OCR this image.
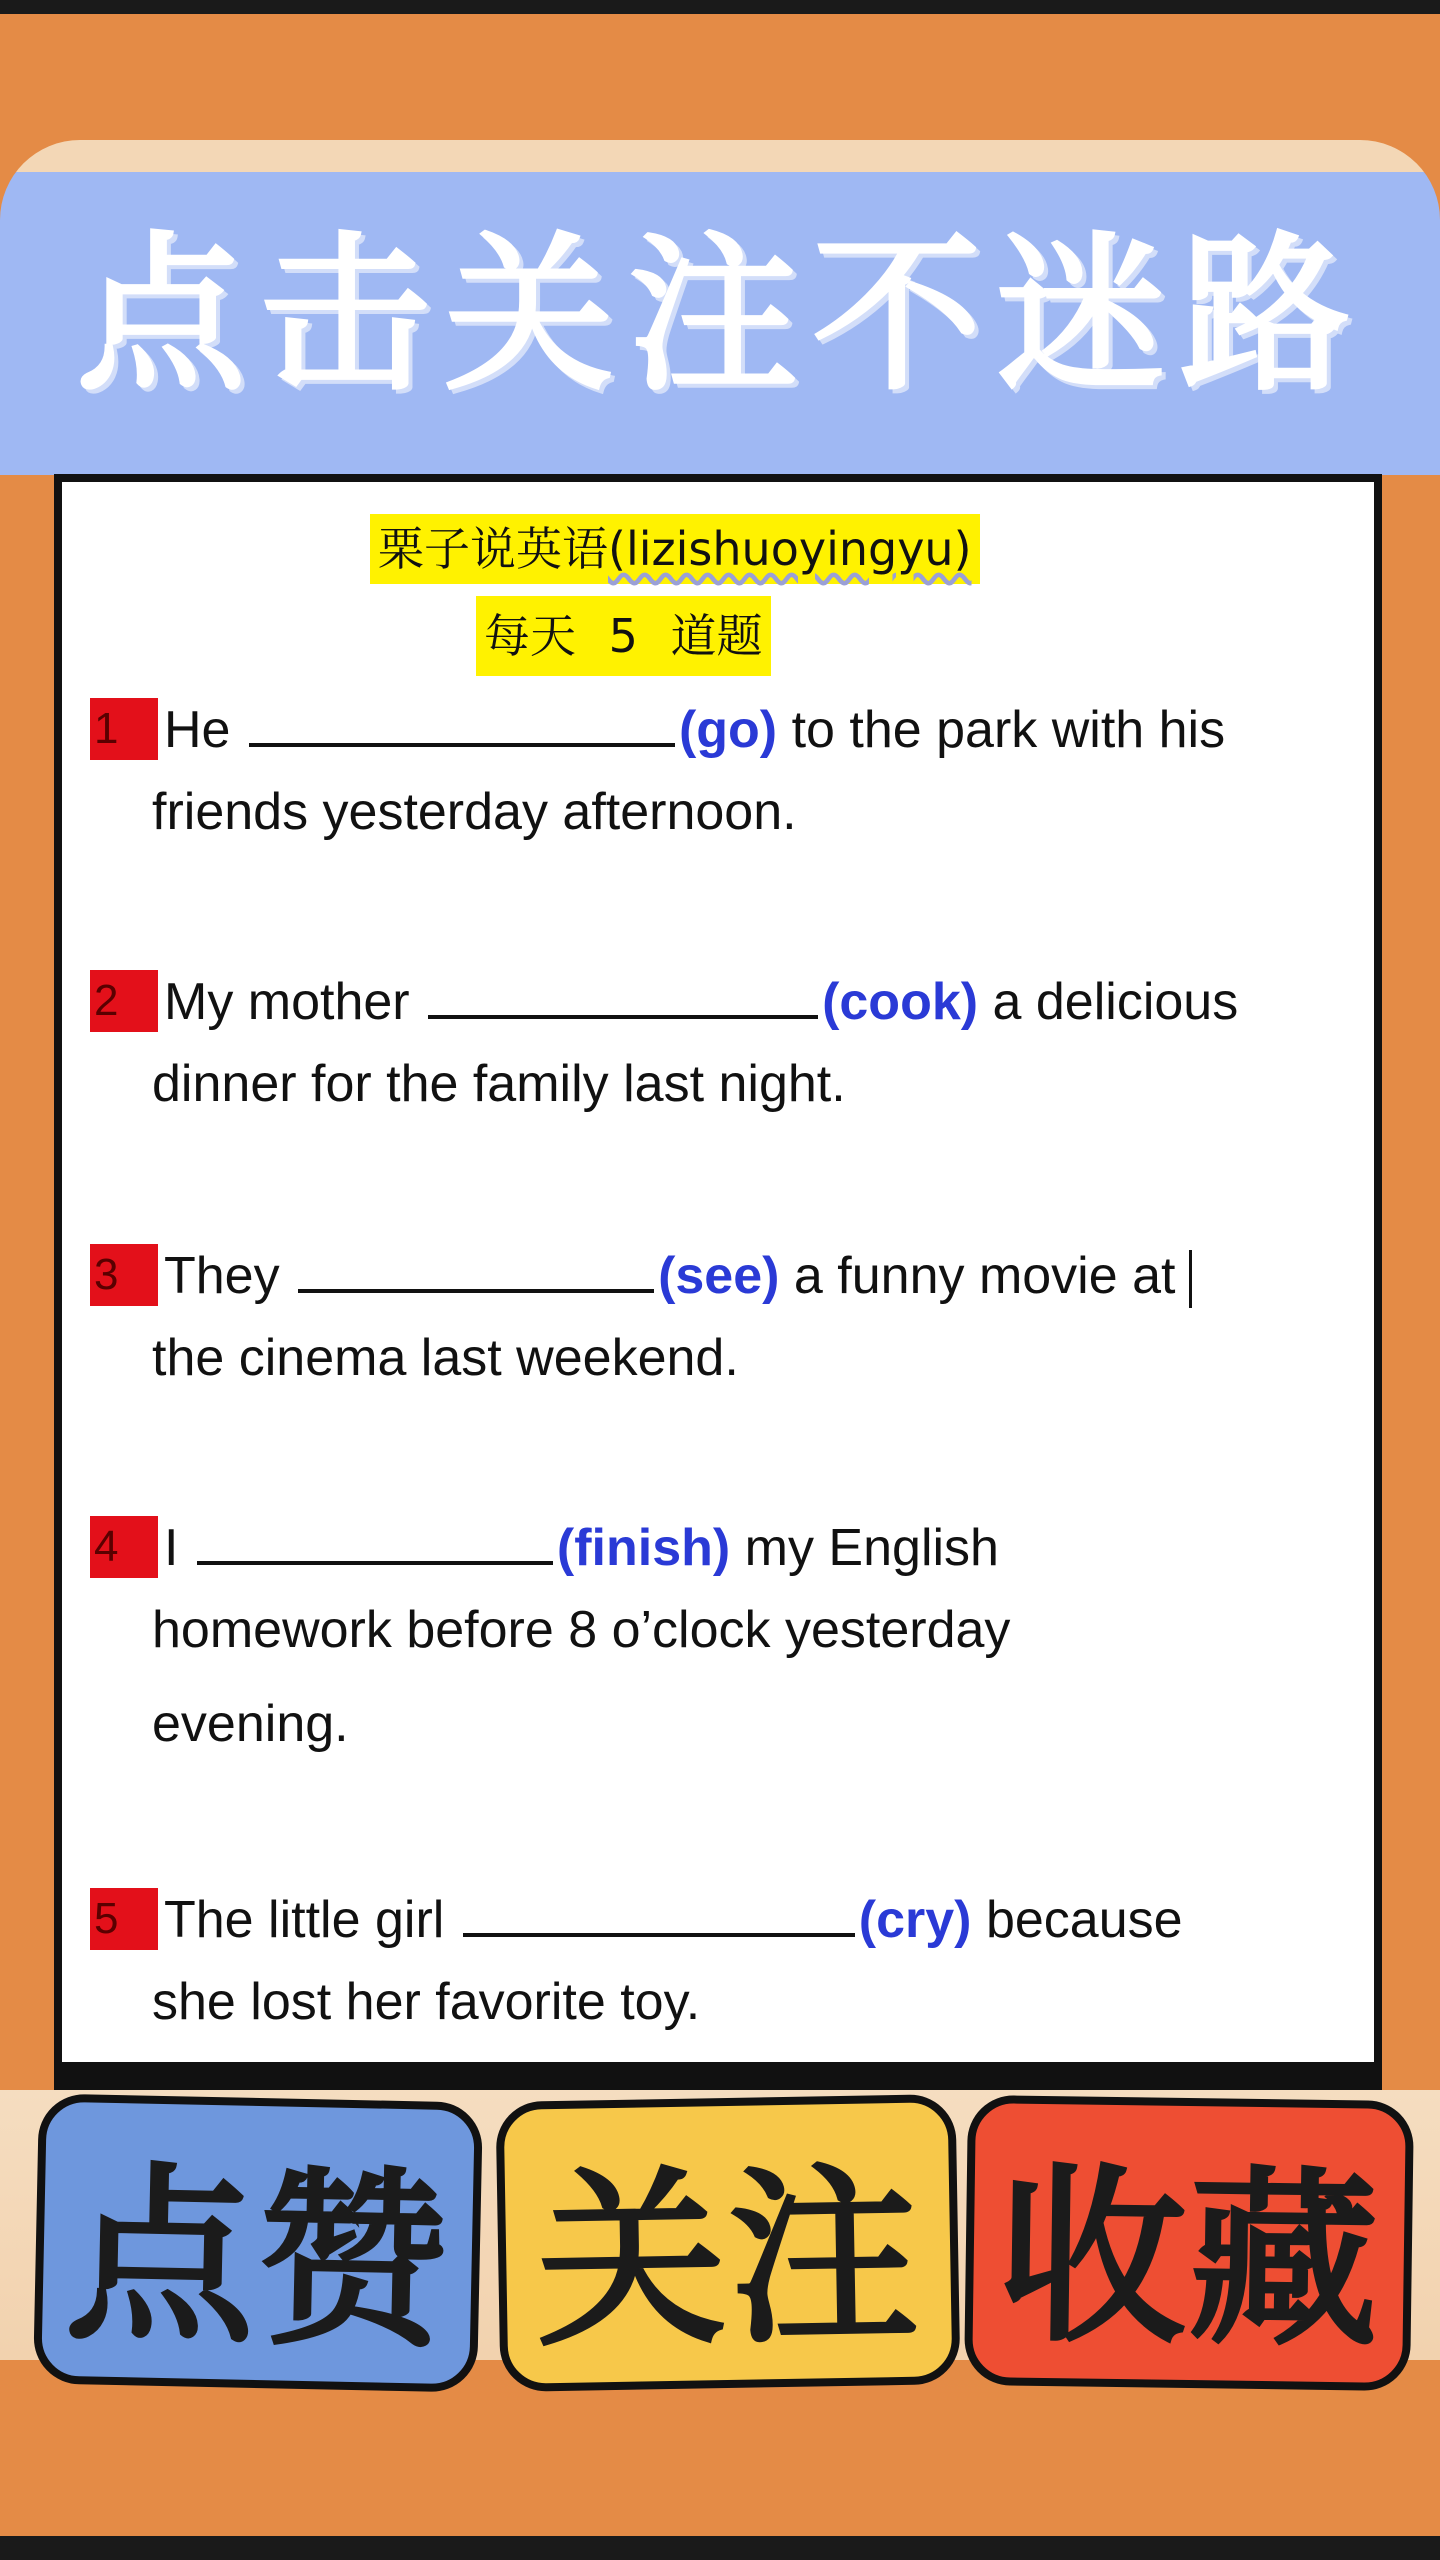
点击关注不迷路
栗子说英语(lizishuoyingyu)
每天 5 道题
1 He	(go) to the park with his
friends yesterday afternoon.
2 My mother	(cook) a delicious
dinner for the family last night.
3 They	(see) a funny movie at
the cinema last weekend.
4 I	(finish) my English
homework before 8 o’clock yesterday
evening.
5 The little girl	(cry) because
she lost her favorite toy.
点赞 关注 收藏
